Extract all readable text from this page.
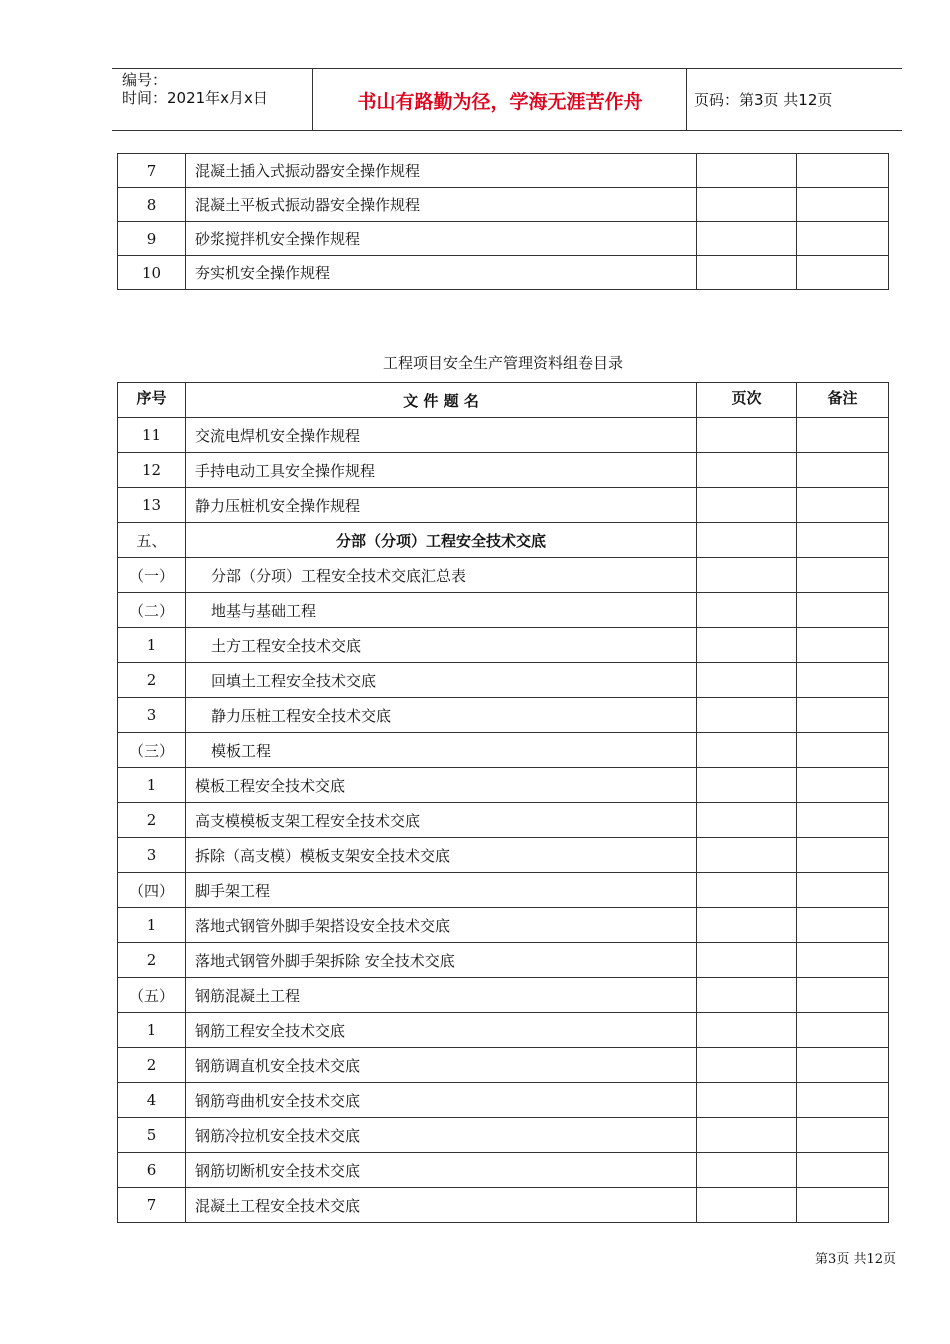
编号：
时间：2021年x月x日	书山有路勤为径，学海无涯苦作舟	页码：第3页 共12页
7	混凝土插入式振动器安全操作规程		
8	混凝土平板式振动器安全操作规程		
9	砂浆搅拌机安全操作规程		
10	夯实机安全操作规程		
工程项目安全生产管理资料组卷目录
序号	文 件 题 名	页次	备注
11	交流电焊机安全操作规程		
12	手持电动工具安全操作规程		
13	静力压桩机安全操作规程		
五、	分部（分项）工程安全技术交底		
（一）	分部（分项）工程安全技术交底汇总表		
（二）	地基与基础工程		
1	土方工程安全技术交底		
2	回填土工程安全技术交底		
3	静力压桩工程安全技术交底		
（三）	模板工程		
1	模板工程安全技术交底		
2	高支模模板支架工程安全技术交底		
3	拆除（高支模）模板支架安全技术交底		
（四）	脚手架工程		
1	落地式钢管外脚手架搭设安全技术交底		
2	落地式钢管外脚手架拆除 安全技术交底		
（五）	钢筋混凝土工程		
1	钢筋工程安全技术交底		
2	钢筋调直机安全技术交底		
4	钢筋弯曲机安全技术交底		
5	钢筋冷拉机安全技术交底		
6	钢筋切断机安全技术交底		
7	混凝土工程安全技术交底		
第3页 共12页
